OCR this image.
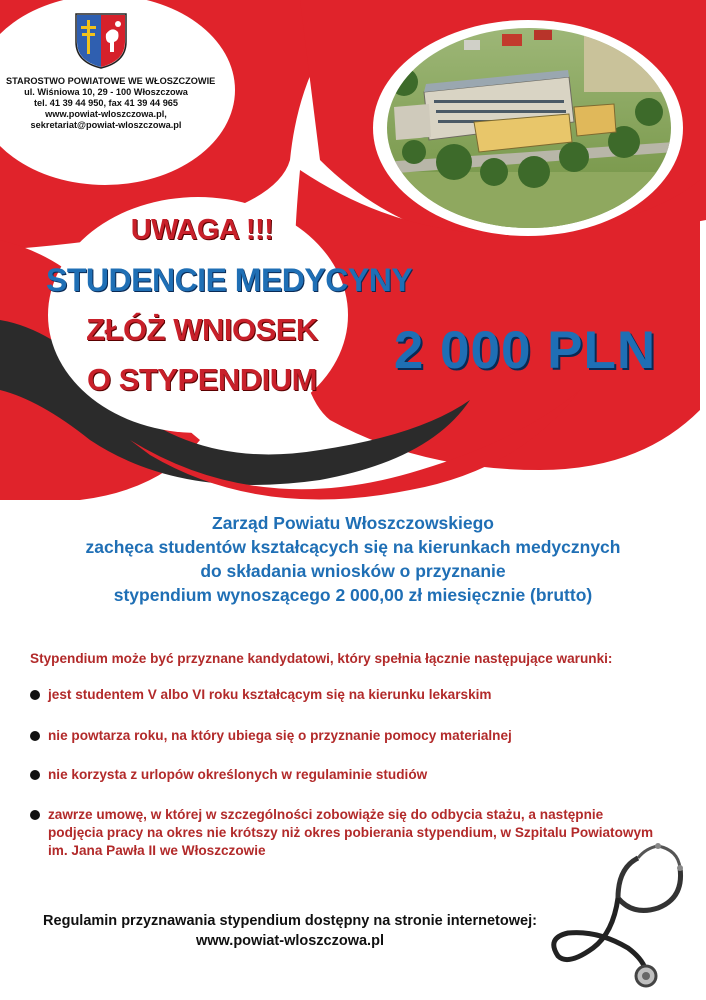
STAROSTWO POWIATOWE WE WŁOSZCZOWIE
ul. Wiśniowa 10, 29 - 100 Włoszczowa
tel. 41 39 44 950, fax 41 39 44 965
www.powiat-wloszczowa.pl,
sekretariat@powiat-wloszczowa.pl
UWAGA !!!
STUDENCIE MEDYCYNY
ZŁÓŻ WNIOSEK
O STYPENDIUM	2 000 PLN
Zarząd Powiatu Włoszczowskiego
zachęca studentów kształcących się na kierunkach medycznych
do składania wniosków o przyznanie
stypendium wynoszącego 2 000,00 zł miesięcznie (brutto)
Stypendium może być przyznane kandydatowi, który spełnia łącznie następujące warunki:
jest studentem V albo VI roku kształcącym się na kierunku lekarskim
nie powtarza roku, na który ubiega się o przyznanie pomocy materialnej
nie korzysta z urlopów określonych w regulaminie studiów
zawrze umowę, w której w szczególności zobowiąże się do odbycia stażu, a następnie
podjęcia pracy na okres nie krótszy niż okres pobierania stypendium, w Szpitalu Powiatowym
im. Jana Pawła II we Włoszczowie
Regulamin przyznawania stypendium dostępny na stronie internetowej:
www.powiat-wloszczowa.pl
